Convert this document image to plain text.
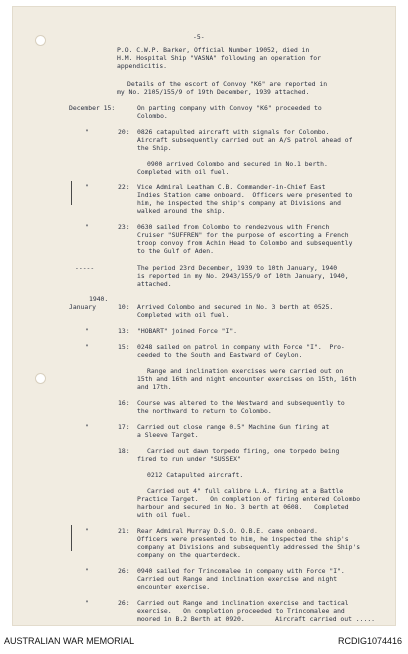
-5-
P.O. C.W.P. Barker, Official Number 19052, died in
H.M. Hospital Ship "VASNA" following an operation for
appendicitis.
Details of the escort of Convoy "K6" are reported in
my No. 2105/155/9 of 19th December, 1939 attached.
December 15:	On parting company with Convoy "K6" proceeded to
Colombo.
"	20: 0826 catapulted aircraft with signals for Colombo.
Aircraft subsequently carried out an A/S patrol ahead of
the Ship.
0900 arrived Colombo and secured in No.1 berth.
Completed with oil fuel.
"	22: Vice Admiral Leatham C.B. Commander-in-Chief East
Indies Station came onboard.  Officers were presented to
him, he inspected the ship's company at Divisions and
walked around the ship.
"	23: 0630 sailed from Colombo to rendezvous with French
Cruiser "SUFFREN" for the purpose of escorting a French
troop convoy from Achin Head to Colombo and subsequently
to the Gulf of Aden.
-----	The period 23rd December, 1939 to 10th January, 1940
is reported in my No. 2943/155/9 of 10th January, 1940,
attached.
1940.
January	10: Arrived Colombo and secured in No. 3 berth at 0525.
Completed with oil fuel.
"	13: "HOBART" joined Force "I".
"	15: 0248 sailed on patrol in company with Force "I".  Pro-
ceeded to the South and Eastward of Ceylon.
Range and inclination exercises were carried out on
15th and 16th and night encounter exercises on 15th, 16th
and 17th.
16: Course was altered to the Westward and subsequently to
the northward to return to Colombo.
"	17: Carried out close range 0.5" Machine Gun firing at
a Sleeve Target.
18:	Carried out dawn torpedo firing, one torpedo being
fired to run under "SUSSEX"
0212 Catapulted aircraft.
Carried out 4" full calibre L.A. firing at a Battle
Practice Target.   On completion of firing entered Colombo
harbour and secured in No. 3 berth at 0608.   Completed
with oil fuel.
"	21: Rear Admiral Murray D.S.O. O.B.E. came onboard.
Officers were presented to him, he inspected the ship's
company at Divisions and subsequently addressed the Ship's
company on the quarterdeck.
"	26: 0940 sailed for Trincomalee in company with Force "I".
Carried out Range and inclination exercise and night
encounter exercise.
"	26: Carried out Range and inclination exercise and tactical
exercise.   On completion proceeded to Trincomalee and
moored in B.2 Berth at 0920.	Aircraft carried out .....
AUSTRALIAN WAR MEMORIAL	RCDIG1074416
